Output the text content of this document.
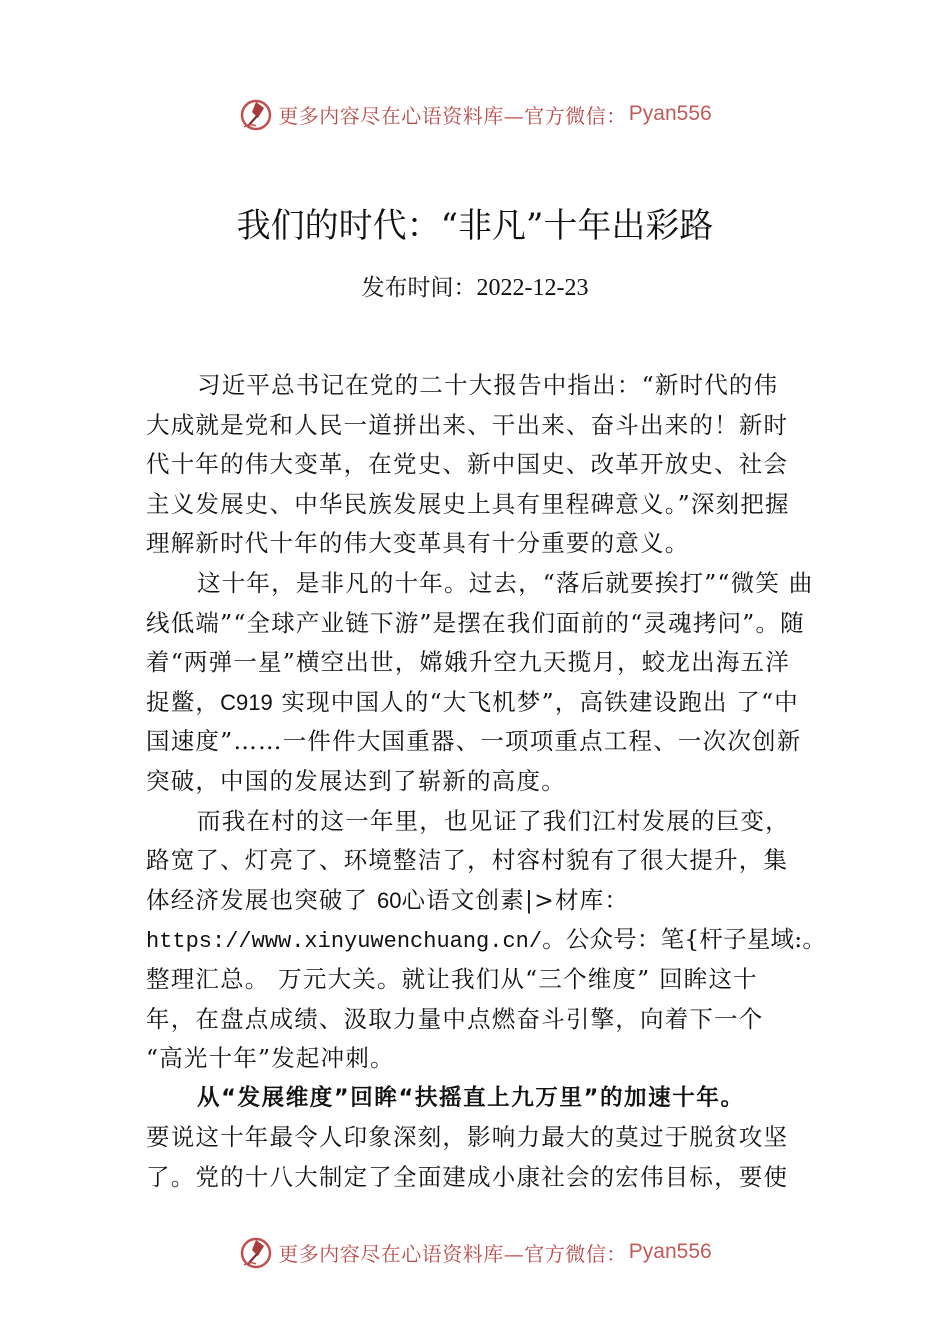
更多内容尽在心语资料库—官方微信： Pyan556
我们的时代：“非凡”十年出彩路
发布时间：2022-12-23
习近平总书记在党的二十大报告中指出：“新时代的伟
大成就是党和人民一道拼出来、干出来、奋斗出来的！新时
代十年的伟大变革，在党史、新中国史、改革开放史、社会
主义发展史、中华民族发展史上具有里程碑意义。”深刻把握
理解新时代十年的伟大变革具有十分重要的意义。
这十年，是非凡的十年。过去，“落后就要挨打”“微笑 曲
线低端”“全球产业链下游”是摆在我们面前的“灵魂拷问”。随
着“两弹一星”横空出世，嫦娥升空九天揽月，蛟龙出海五洋
捉鳖，C919 实现中国人的“大飞机梦”，高铁建设跑出 了“中
国速度”……一件件大国重器、一项项重点工程、一次次创新
突破，中国的发展达到了崭新的高度。
而我在村的这一年里，也见证了我们江村发展的巨变，
路宽了、灯亮了、环境整洁了，村容村貌有了很大提升，集
体经济发展也突破了 60心语文创素|>材库：
https://www.xinyuwenchuang.cn/。公众号：笔{杆子星域:。
整理汇总。 万元大关。就让我们从“三个维度” 回眸这十
年，在盘点成绩、汲取力量中点燃奋斗引擎，向着下一个
“高光十年”发起冲刺。
从“发展维度”回眸“扶摇直上九万里”的加速十年。
要说这十年最令人印象深刻，影响力最大的莫过于脱贫攻坚
了。党的十八大制定了全面建成小康社会的宏伟目标，要使
更多内容尽在心语资料库—官方微信： Pyan556
